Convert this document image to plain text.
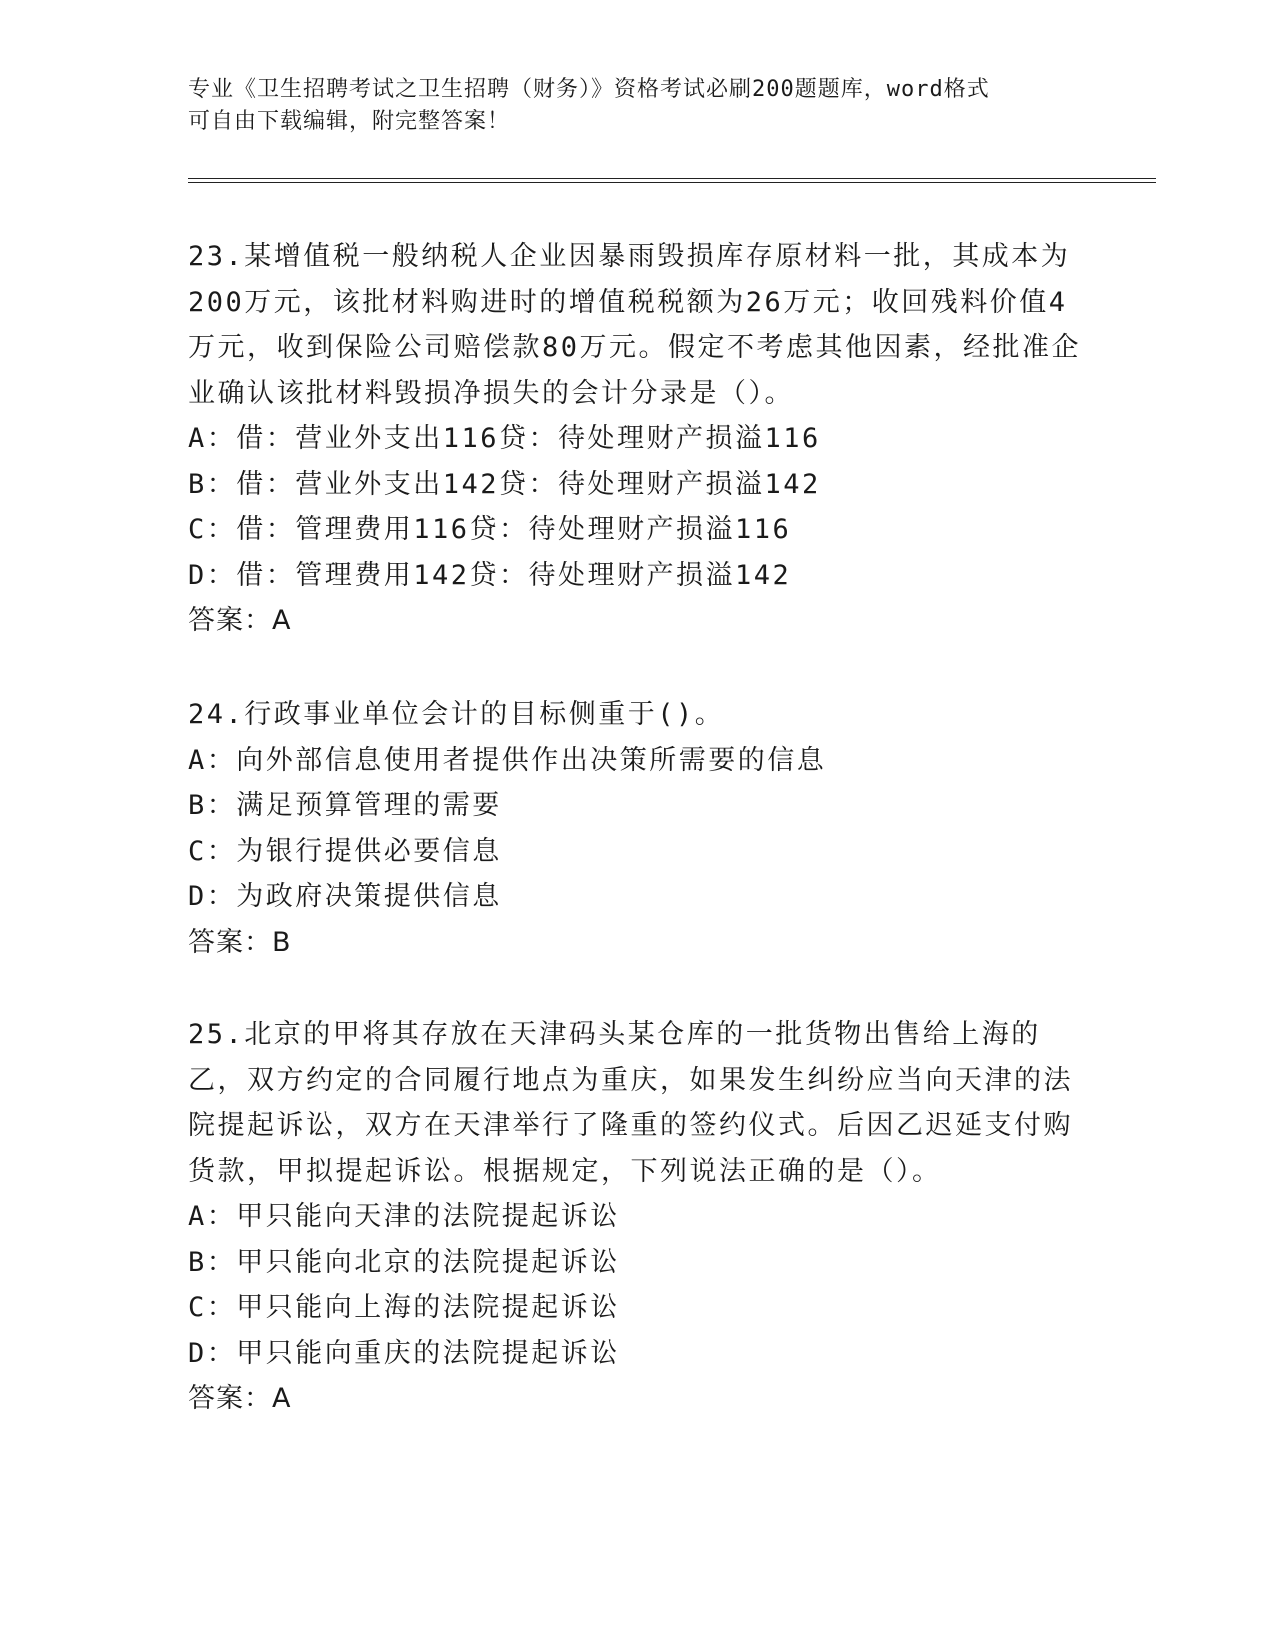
专业《卫生招聘考试之卫生招聘（财务）》资格考试必刷200题题库，word格式
可自由下载编辑，附完整答案！
23.某增值税一般纳税人企业因暴雨毁损库存原材料一批，其成本为200万元，该批材料购进时的增值税税额为26万元；收回残料价值4万元，收到保险公司赔偿款80万元。假定不考虑其他因素，经批准企业确认该批材料毁损净损失的会计分录是（）。
A：借：营业外支出116贷：待处理财产损溢116
B：借：营业外支出142贷：待处理财产损溢142
C：借：管理费用116贷：待处理财产损溢116
D：借：管理费用142贷：待处理财产损溢142
答案：A
24.行政事业单位会计的目标侧重于()。
A：向外部信息使用者提供作出决策所需要的信息
B：满足预算管理的需要
C：为银行提供必要信息
D：为政府决策提供信息
答案：B
25.北京的甲将其存放在天津码头某仓库的一批货物出售给上海的乙，双方约定的合同履行地点为重庆，如果发生纠纷应当向天津的法院提起诉讼，双方在天津举行了隆重的签约仪式。后因乙迟延支付购货款，甲拟提起诉讼。根据规定，下列说法正确的是（）。
A：甲只能向天津的法院提起诉讼
B：甲只能向北京的法院提起诉讼
C：甲只能向上海的法院提起诉讼
D：甲只能向重庆的法院提起诉讼
答案：A
